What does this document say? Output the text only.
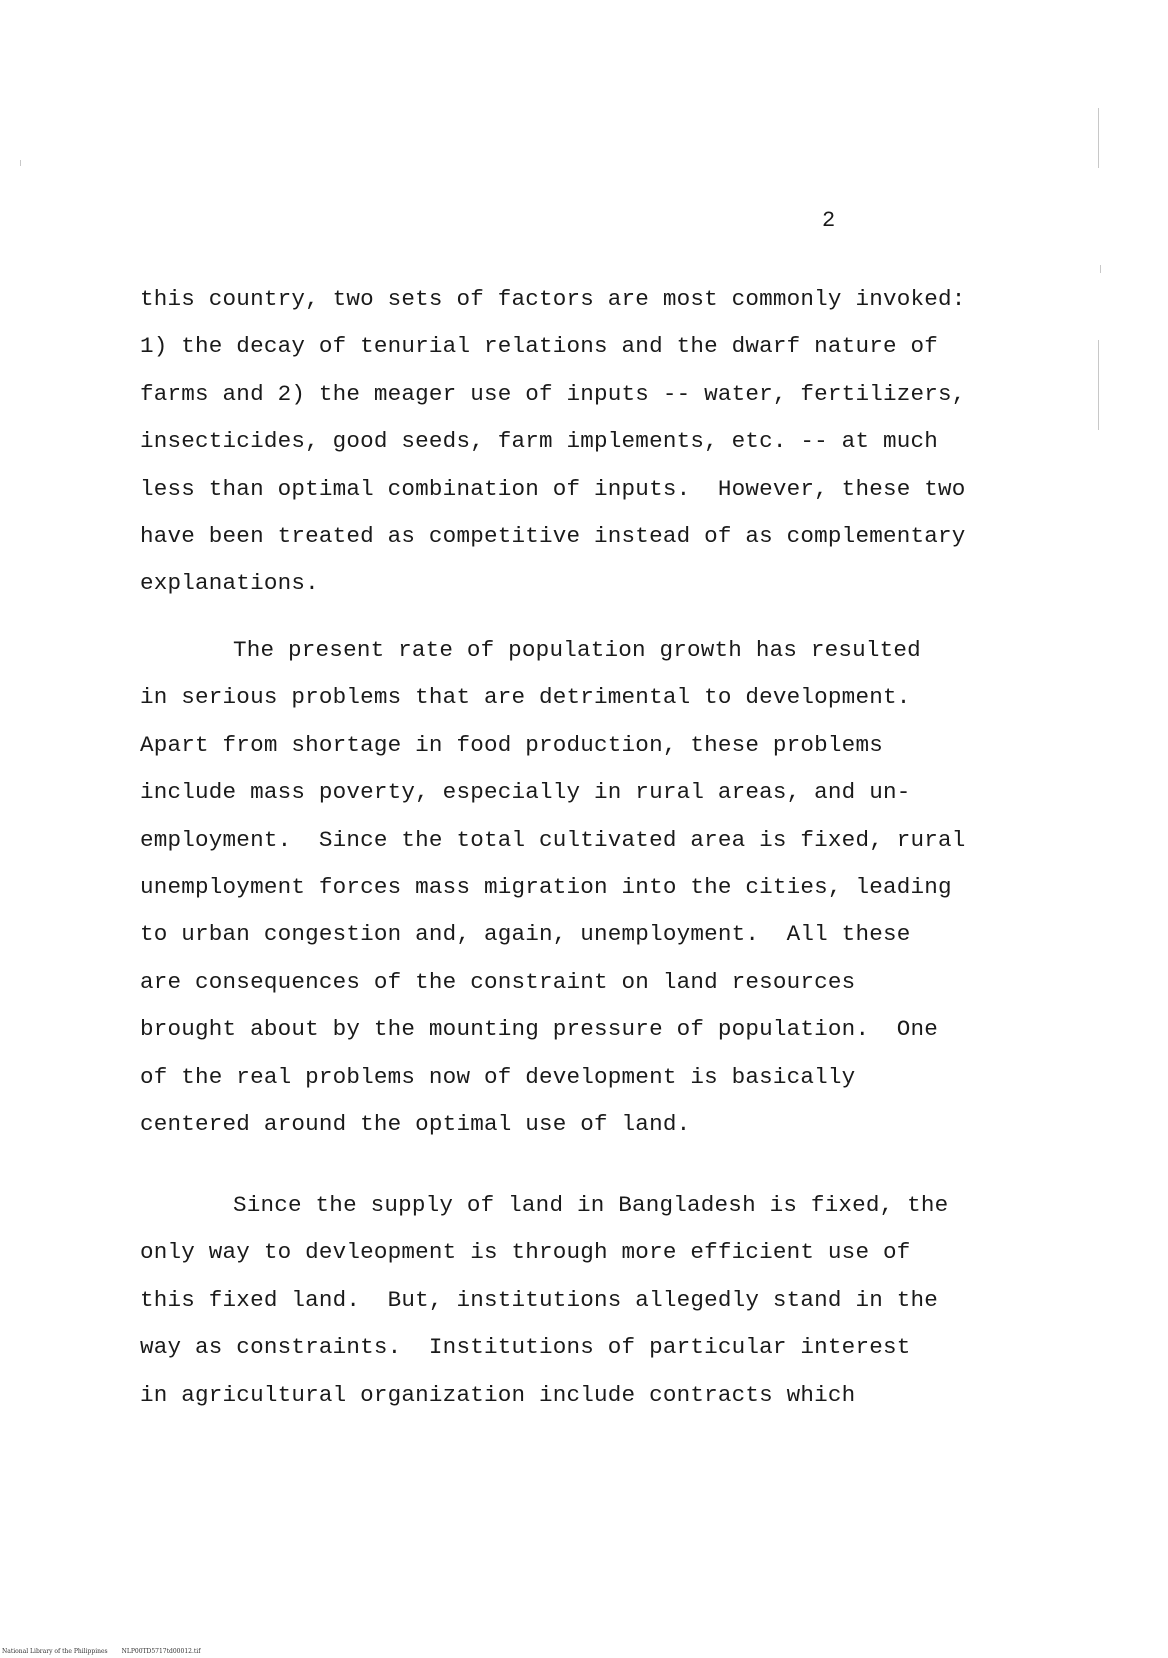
2
this country, two sets of factors are most commonly invoked:
1) the decay of tenurial relations and the dwarf nature of
farms and 2) the meager use of inputs -- water, fertilizers,
insecticides, good seeds, farm implements, etc. -- at much
less than optimal combination of inputs.  However, these two
have been treated as competitive instead of as complementary
explanations.
The present rate of population growth has resulted
in serious problems that are detrimental to development.
Apart from shortage in food production, these problems
include mass poverty, especially in rural areas, and un-
employment.  Since the total cultivated area is fixed, rural
unemployment forces mass migration into the cities, leading
to urban congestion and, again, unemployment.  All these
are consequences of the constraint on land resources
brought about by the mounting pressure of population.  One
of the real problems now of development is basically
centered around the optimal use of land.
Since the supply of land in Bangladesh is fixed, the
only way to devleopment is through more efficient use of
this fixed land.  But, institutions allegedly stand in the
way as constraints.  Institutions of particular interest
in agricultural organization include contracts which
National Library of the Philippines NLP00TD5717td00012.tif
